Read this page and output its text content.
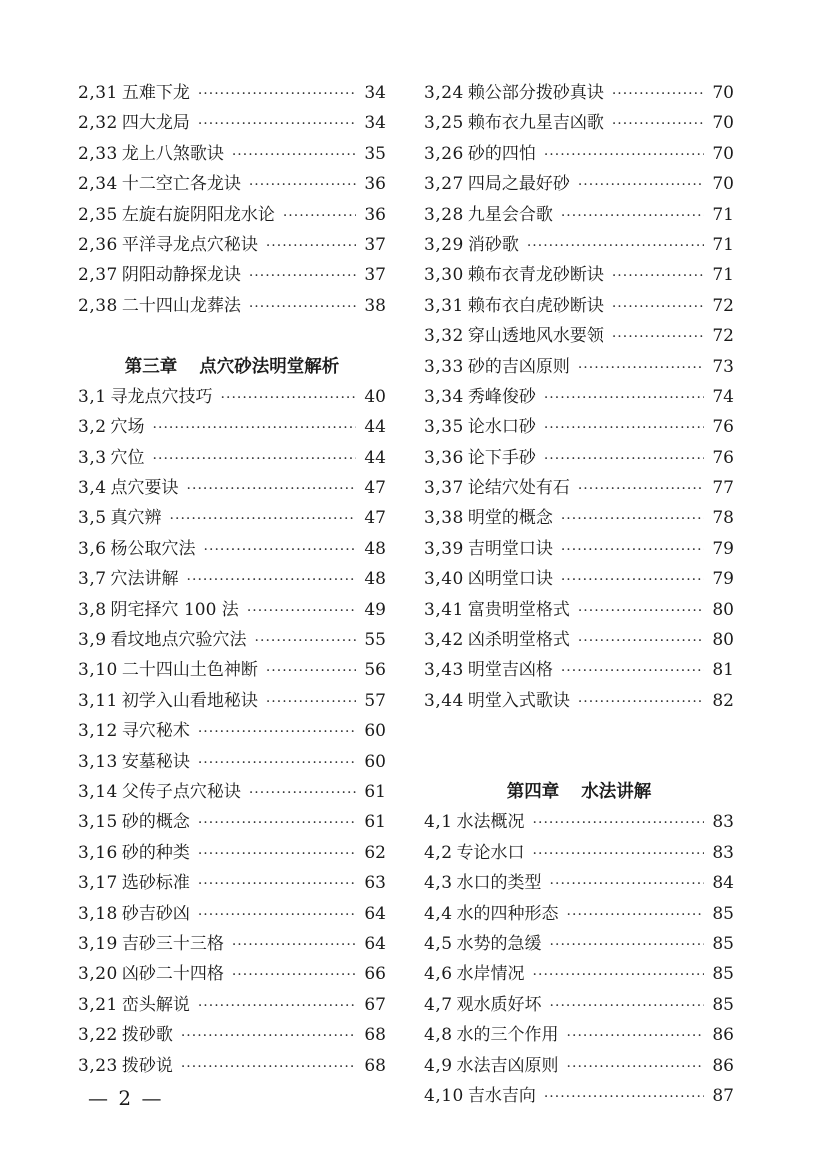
2,31 五难下龙 ·····	34
2,32 四大龙局 ·····	34
2,33 龙上八煞歌诀 ·····	35
2,34 十二空亡各龙诀 ·····	36
2,35 左旋右旋阴阳龙水论 ·····	36
2,36 平洋寻龙点穴秘诀 ·····	37
2,37 阴阳动静探龙诀 ·····	37
2,38 二十四山龙葬法 ·····	38
第三章 点穴砂法明堂解析
3,1 寻龙点穴技巧 ·····	40
3,2 穴场 ·····	44
3,3 穴位 ·····	44
3,4 点穴要诀 ·····	47
3,5 真穴辨 ·····	47
3,6 杨公取穴法 ·····	48
3,7 穴法讲解 ·····	48
3,8 阴宅择穴 100 法 ·····	49
3,9 看坟地点穴验穴法 ·····	55
3,10 二十四山土色神断 ·····	56
3,11 初学入山看地秘诀 ·····	57
3,12 寻穴秘术 ·····	60
3,13 安墓秘诀 ·····	60
3,14 父传子点穴秘诀 ·····	61
3,15 砂的概念 ·····	61
3,16 砂的种类 ·····	62
3,17 选砂标准 ·····	63
3,18 砂吉砂凶 ·····	64
3,19 吉砂三十三格 ·····	64
3,20 凶砂二十四格 ·····	66
3,21 峦头解说 ·····	67
3,22 拨砂歌 ·····	68
3,23 拨砂说 ·····	68
3,24 赖公部分拨砂真诀 ·····	70
3,25 赖布衣九星吉凶歌 ·····	70
3,26 砂的四怕 ·····	70
3,27 四局之最好砂 ·····	70
3,28 九星会合歌 ·····	71
3,29 消砂歌 ·····	71
3,30 赖布衣青龙砂断诀 ·····	71
3,31 赖布衣白虎砂断诀 ·····	72
3,32 穿山透地风水要领 ·····	72
3,33 砂的吉凶原则 ·····	73
3,34 秀峰俊砂 ·····	74
3,35 论水口砂 ·····	76
3,36 论下手砂 ·····	76
3,37 论结穴处有石 ·····	77
3,38 明堂的概念 ·····	78
3,39 吉明堂口诀 ·····	79
3,40 凶明堂口诀 ·····	79
3,41 富贵明堂格式 ·····	80
3,42 凶杀明堂格式 ·····	80
3,43 明堂吉凶格 ·····	81
3,44 明堂入式歌诀 ·····	82
第四章 水法讲解
4,1 水法概况 ·····	83
4,2 专论水口 ·····	83
4,3 水口的类型 ·····	84
4,4 水的四种形态 ·····	85
4,5 水势的急缓 ·····	85
4,6 水岸情况 ·····	85
4,7 观水质好坏 ·····	85
4,8 水的三个作用 ·····	86
4,9 水法吉凶原则 ·····	86
4,10 吉水吉向 ·····	87
— 2 —
